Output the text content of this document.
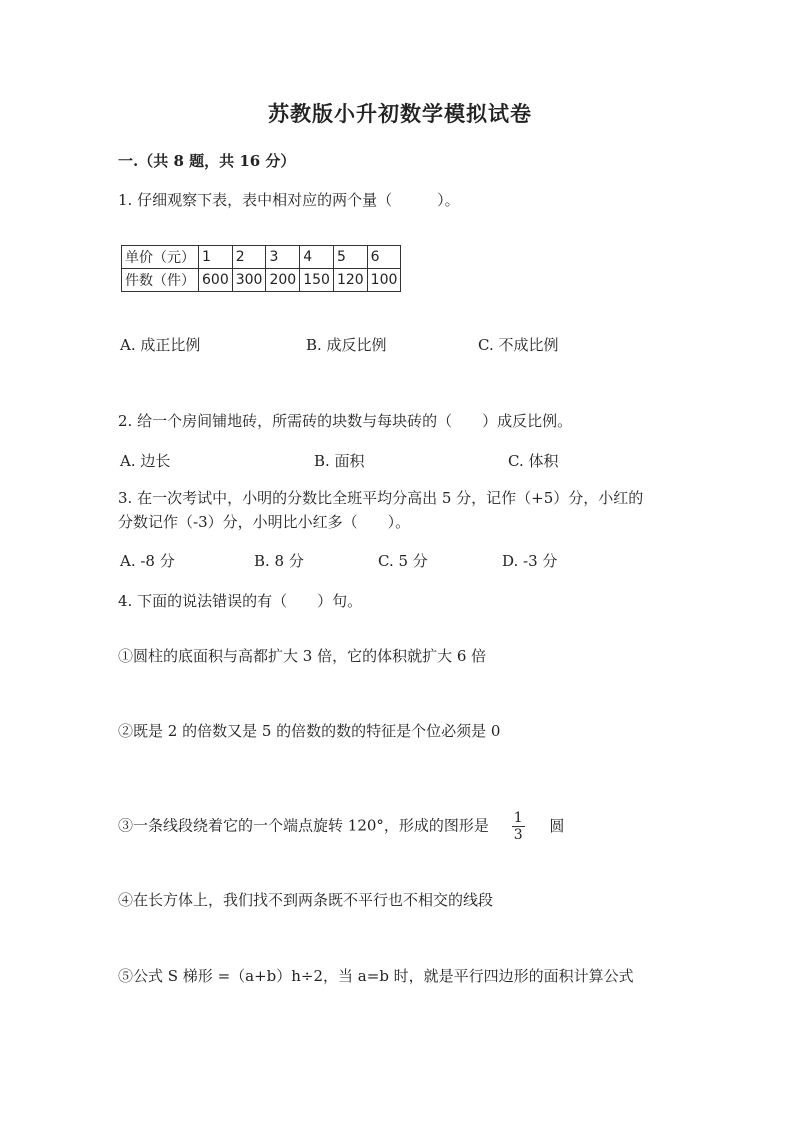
苏教版小升初数学模拟试卷
一.（共 8 题，共 16 分）
1. 仔细观察下表，表中相对应的两个量（　　　）。
单价（元）	1	2	3	4	5	6
件数（件）	600	300	200	150	120	100
A. 成正比例	B. 成反比例	C. 不成比例
2. 给一个房间铺地砖，所需砖的块数与每块砖的（　　）成反比例。
A. 边长	B. 面积	C. 体积
3. 在一次考试中，小明的分数比全班平均分高出 5 分，记作（+5）分，小红的
分数记作（-3）分，小明比小红多（　　）。
A. -8 分	B. 8 分	C. 5 分	D. -3 分
4. 下面的说法错误的有（　　）句。
①圆柱的底面积与高都扩大 3 倍，它的体积就扩大 6 倍
②既是 2 的倍数又是 5 的倍数的数的特征是个位必须是 0
③一条线段绕着它的一个端点旋转 120°，形成的图形是 $\frac{1}{3}$ 圆
④在长方体上，我们找不到两条既不平行也不相交的线段
⑤公式 S 梯形 =（a+b）h÷2，当 a=b 时，就是平行四边形的面积计算公式
